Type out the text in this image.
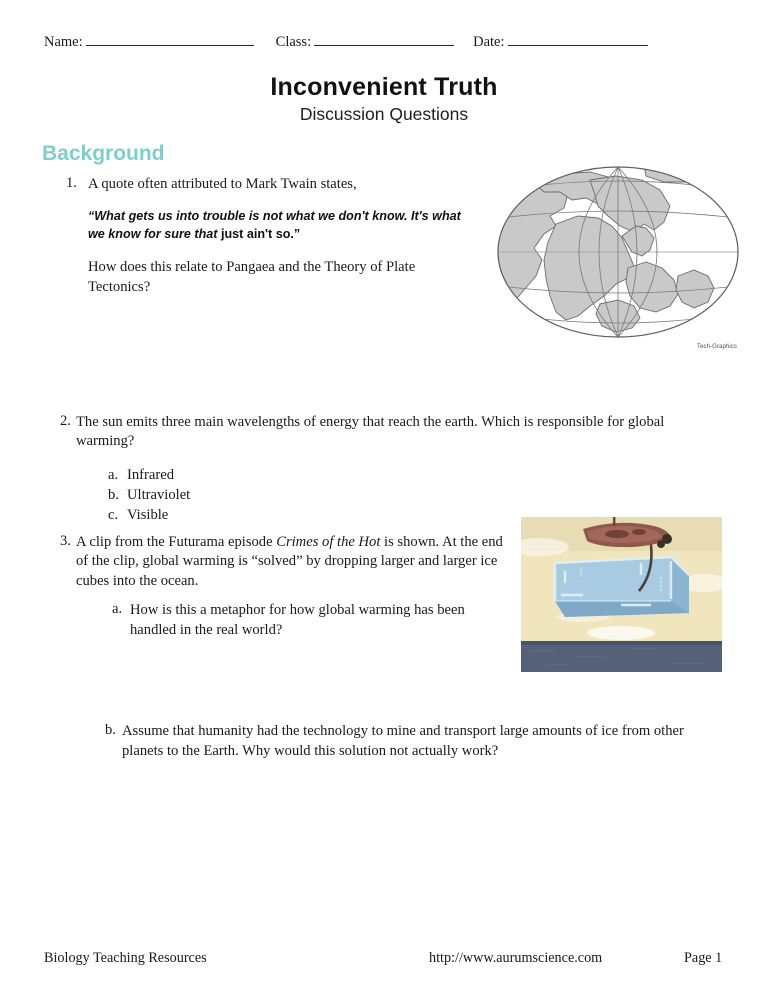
Name:	Class:	Date:
Inconvenient Truth
Discussion Questions
Background
1. A quote often attributed to Mark Twain states,
“What gets us into trouble is not what we don't know. It's what we know for sure that just ain't so.”
How does this relate to Pangaea and the Theory of Plate Tectonics?
Tech-Graphics
2. The sun emits three main wavelengths of energy that reach the earth. Which is responsible for global warming?
a. Infrared
b. Ultraviolet
c. Visible
3. A clip from the Futurama episode Crimes of the Hot is shown. At the end of the clip, global warming is “solved” by dropping larger and larger ice cubes into the ocean.
a. How is this a metaphor for how global warming has been handled in the real world?
b. Assume that humanity had the technology to mine and transport large amounts of ice from other planets to the Earth. Why would this solution not actually work?
Biology Teaching Resources	http://www.aurumscience.com	Page 1
